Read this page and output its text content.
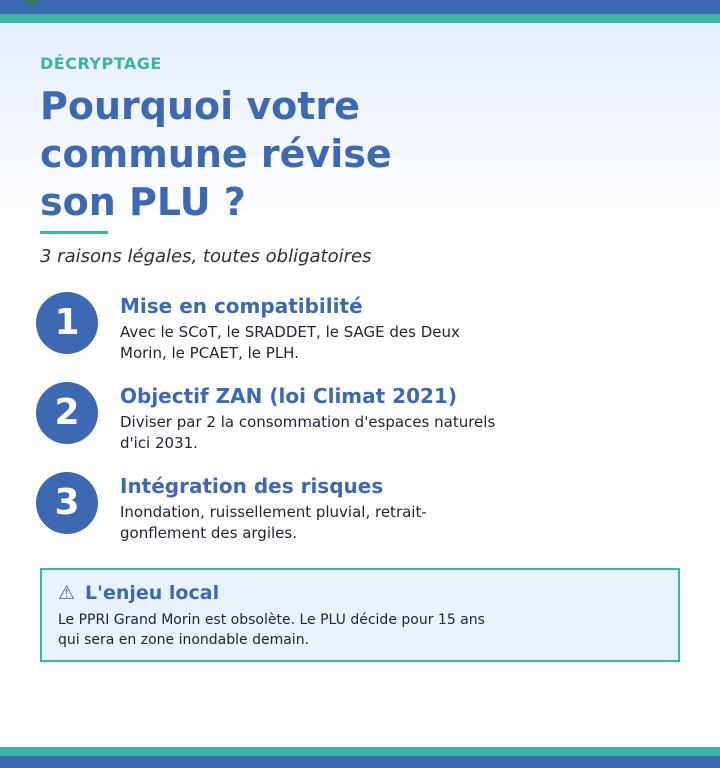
DÉCRYPTAGE
Pourquoi votre commune révise son PLU ?
3 raisons légales, toutes obligatoires
1	Mise en compatibilité
Avec le SCoT, le SRADDET, le SAGE des Deux Morin, le PCAET, le PLH.
2	Objectif ZAN (loi Climat 2021)
Diviser par 2 la consommation d'espaces naturels d'ici 2031.
3	Intégration des risques
Inondation, ruissellement pluvial, retrait-gonflement des argiles.
⚠ L'enjeu local
Le PPRI Grand Morin est obsolète. Le PLU décide pour 15 ans qui sera en zone inondable demain.
